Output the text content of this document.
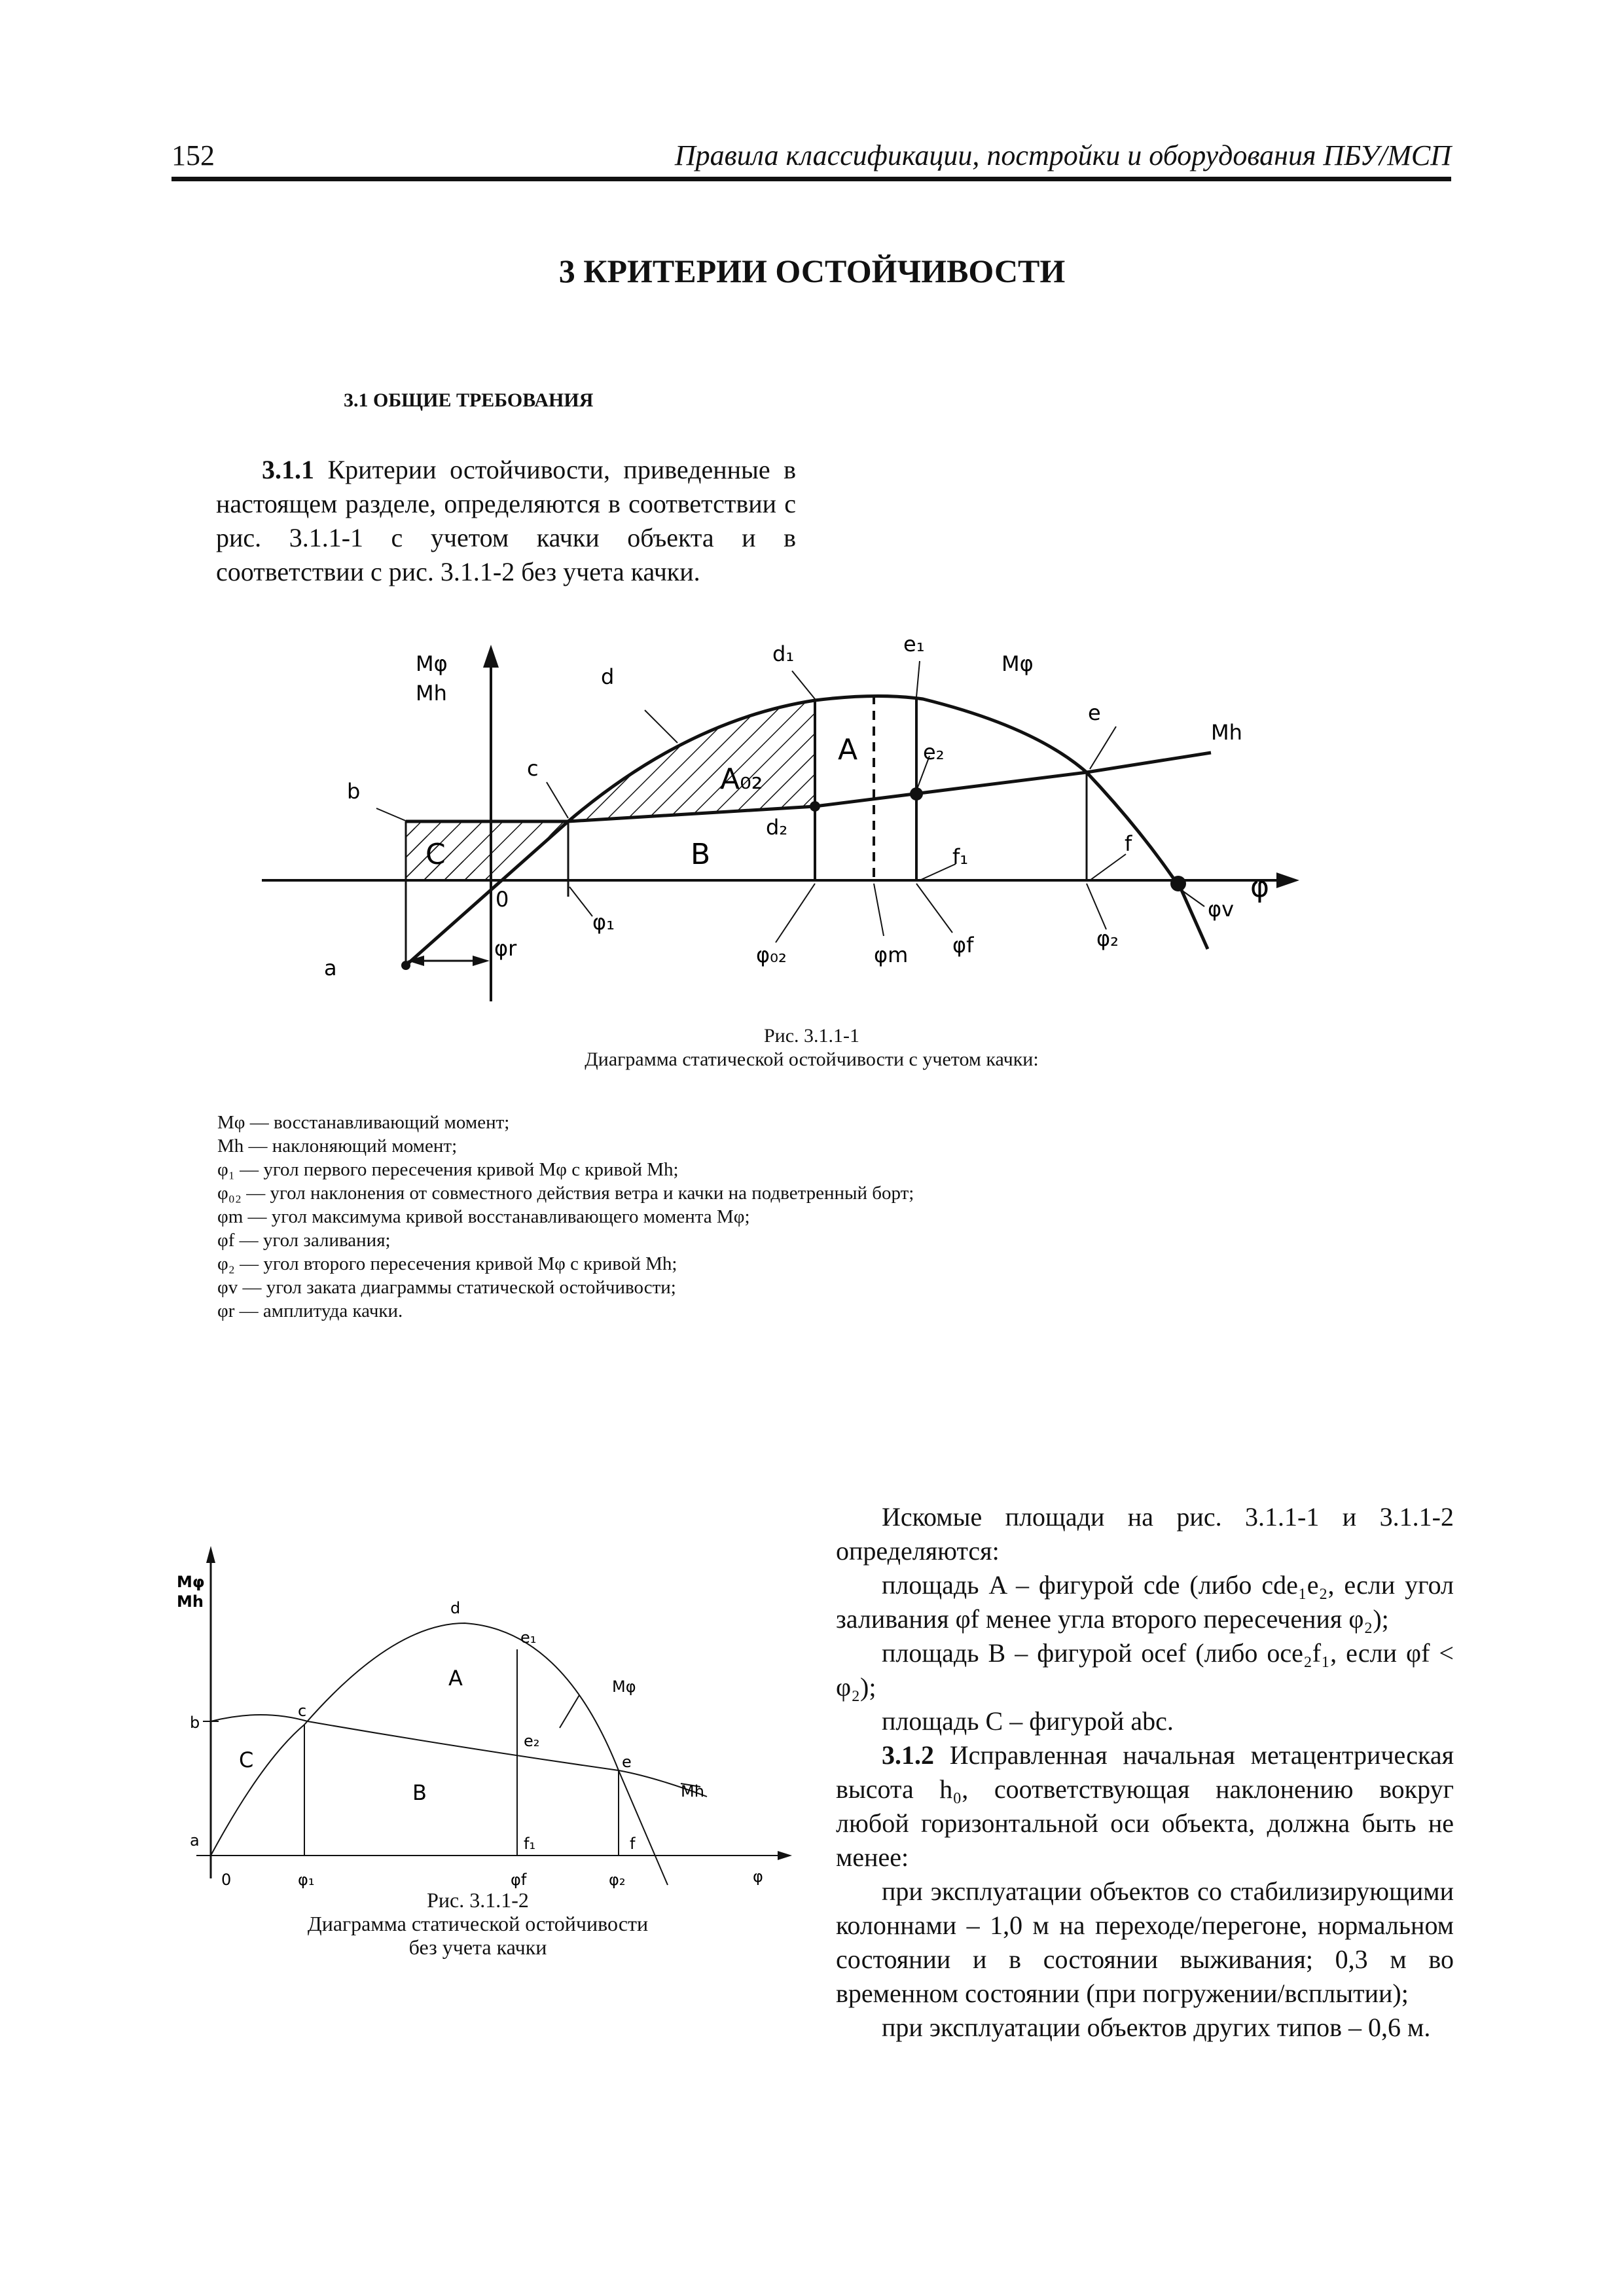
152	Правила классификации, постройки и оборудования ПБУ/МСП
3 КРИТЕРИИ ОСТОЙЧИВОСТИ
3.1 ОБЩИЕ ТРЕБОВАНИЯ
3.1.1 Критерии остойчивости, приведенные в настоящем разделе, определяются в соответствии с рис. 3.1.1-1 с учетом качки объекта и в соответствии с рис. 3.1.1-2 без учета качки.
Mφ
Mh
φ
a
b
c
d
d₁
d₂
e₁
e₂
e
f₁
f
0
Mφ
Mh
A
A₀₂
B
C
φr
φ₁
φ₀₂	φm φf	φ₂
φv
Рис. 3.1.1-1
Диаграмма статической остойчивости с учетом качки:
Mφ — восстанавливающий момент;
Mh — наклоняющий момент;
φ₁ — угол первого пересечения кривой Mφ с кривой Mh;
φ₀₂ — угол наклонения от совместного действия ветра и качки на подветренный борт;
φm — угол максимума кривой восстанавливающего момента Mφ;
φf — угол заливания;
φ₂ — угол второго пересечения кривой Mφ с кривой Mh;
φv — угол заката диаграммы статической остойчивости;
φr — амплитуда качки.
Mφ
Mh
φ
a
b
c
d
e₁
e₂
e
f₁	f
0
Mφ
Mh
A
B
C
φ₁	φf	φ₂
Рис. 3.1.1-2
Диаграмма статической остойчивости
без учета качки
Искомые площади на рис. 3.1.1-1 и 3.1.1-2 определяются:
площадь A – фигурой cde (либо cde₁e₂, если угол заливания φf менее угла второго пересечения φ₂);
площадь B – фигурой ocef (либо oce₂f₁, если φf < φ₂);
площадь C – фигурой abc.
3.1.2 Исправленная начальная метацентрическая высота h₀, соответствующая наклонению вокруг любой горизонтальной оси объекта, должна быть не менее:
при эксплуатации объектов со стабилизирующими колоннами – 1,0 м на переходе/перегоне, нормальном состоянии и в состоянии выживания; 0,3 м во временном состоянии (при погружении/всплытии);
при эксплуатации объектов других типов – 0,6 м.
